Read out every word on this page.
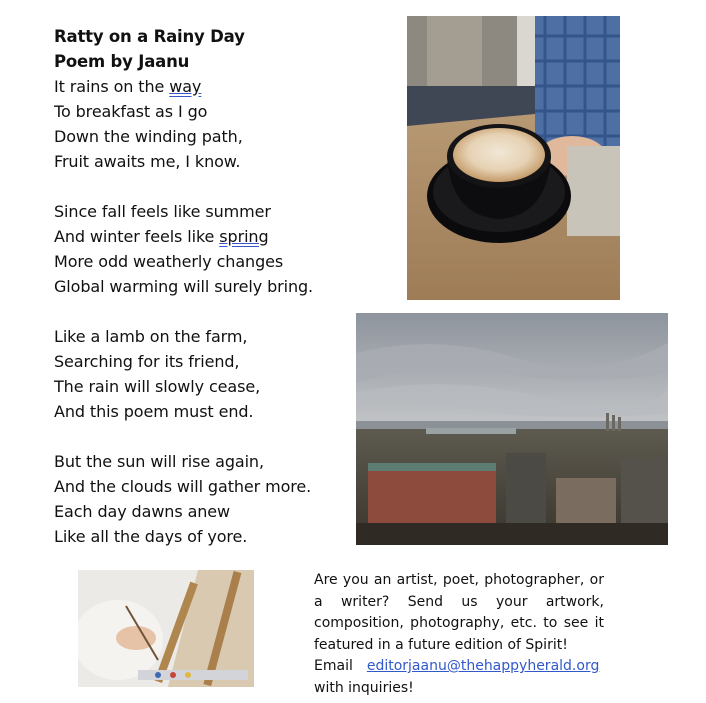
Ratty on a Rainy Day
Poem by Jaanu
It rains on the way
To breakfast as I go
Down the winding path,
Fruit awaits me, I know.
Since fall feels like summer
And winter feels like spring
More odd weatherly changes
Global warming will surely bring.
Like a lamb on the farm,
Searching for its friend,
The rain will slowly cease,
And this poem must end.
But the sun will rise again,
And the clouds will gather more.
Each day dawns anew
Like all the days of yore.
Are you an artist, poet, photographer, or a writer? Send us your artwork, composition, photography, etc. to see it featured in a future edition of Spirit!
Email editorjaanu@thehappyherald.org
with inquiries!
